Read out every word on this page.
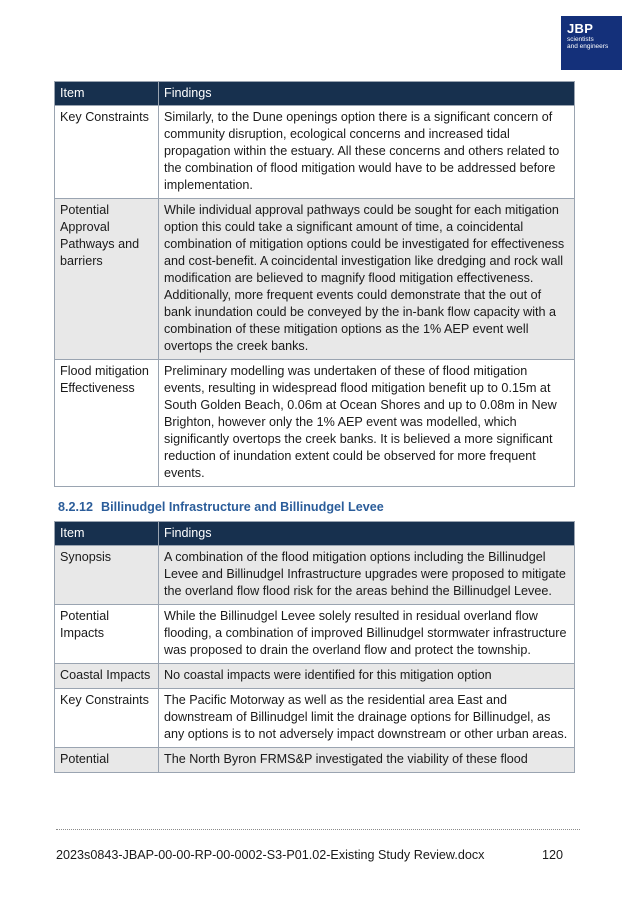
JBP
scientists
and engineers
Item	Findings
Key Constraints	Similarly, to the Dune openings option there is a significant concern of community disruption, ecological concerns and increased tidal propagation within the estuary. All these concerns and others related to the combination of flood mitigation would have to be addressed before implementation.
Potential Approval Pathways and barriers	While individual approval pathways could be sought for each mitigation option this could take a significant amount of time, a coincidental combination of mitigation options could be investigated for effectiveness and cost-benefit. A coincidental investigation like dredging and rock wall modification are believed to magnify flood mitigation effectiveness. Additionally, more frequent events could demonstrate that the out of bank inundation could be conveyed by the in-bank flow capacity with a combination of these mitigation options as the 1% AEP event well overtops the creek banks.
Flood mitigation Effectiveness	Preliminary modelling was undertaken of these of flood mitigation events, resulting in widespread flood mitigation benefit up to 0.15m at South Golden Beach, 0.06m at Ocean Shores and up to 0.08m in New Brighton, however only the 1% AEP event was modelled, which significantly overtops the creek banks. It is believed a more significant reduction of inundation extent could be observed for more frequent events.
8.2.12 Billinudgel Infrastructure and Billinudgel Levee
Item	Findings
Synopsis	A combination of the flood mitigation options including the Billinudgel Levee and Billinudgel Infrastructure upgrades were proposed to mitigate the overland flow flood risk for the areas behind the Billinudgel Levee.
Potential Impacts	While the Billinudgel Levee solely resulted in residual overland flow flooding, a combination of improved Billinudgel stormwater infrastructure was proposed to drain the overland flow and protect the township.
Coastal Impacts	No coastal impacts were identified for this mitigation option
Key Constraints	The Pacific Motorway as well as the residential area East and downstream of Billinudgel limit the drainage options for Billinudgel, as any options is to not adversely impact downstream or other urban areas.
Potential	The North Byron FRMS&P investigated the viability of these flood
2023s0843-JBAP-00-00-RP-00-0002-S3-P01.02-Existing Study Review.docx	120
